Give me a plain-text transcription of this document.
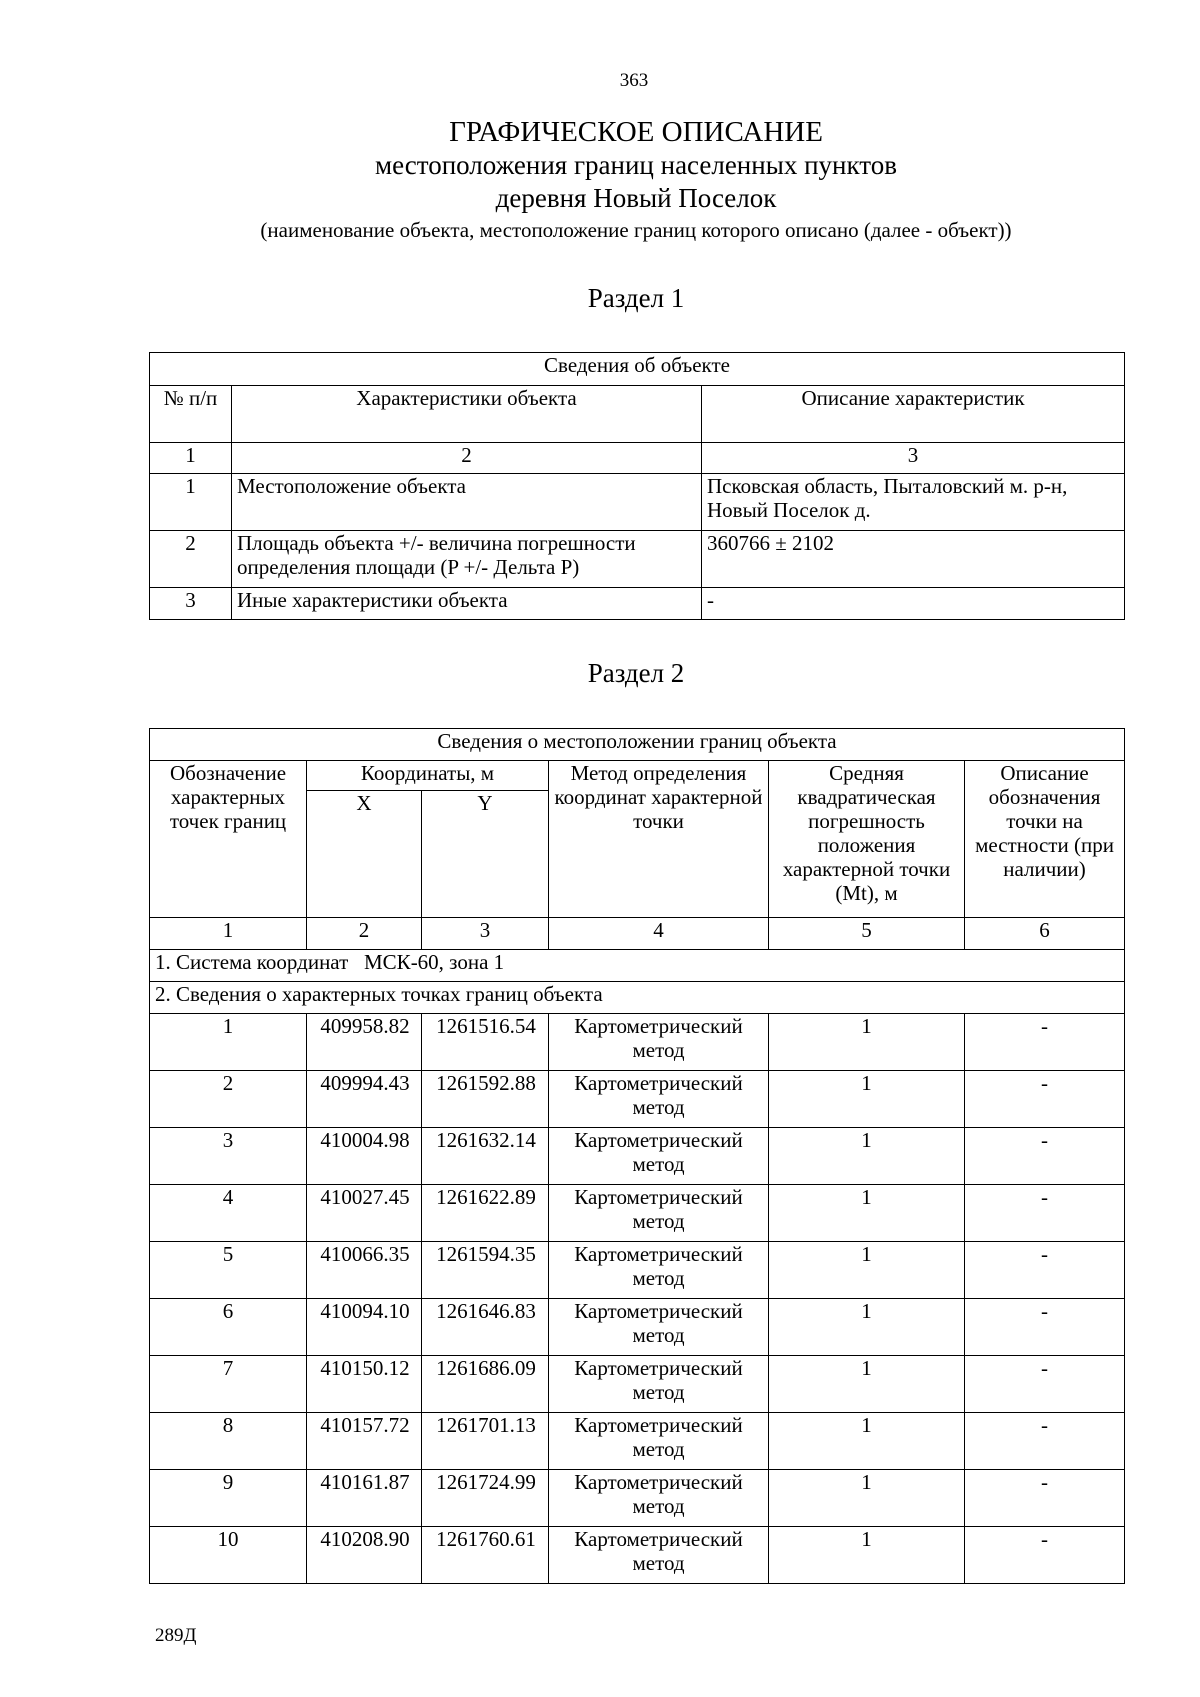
363
ГРАФИЧЕСКОЕ ОПИСАНИЕ
местоположения границ населенных пунктов
деревня Новый Поселок
(наименование объекта, местоположение границ которого описано (далее - объект))
Раздел 1
Сведения об объекте		
№ п/п	Характеристики объекта	Описание характеристик
1	2	3
1	Местоположение объекта	Псковская область, Пыталовский м. р-н, Новый Поселок д.
2	Площадь объекта +/- величина погрешности определения площади (P +/- Дельта P)	360766 ± 2102
3	Иные характеристики объекта	-
Раздел 2
Сведения о местоположении границ объекта					
Обозначение характерных точек границ	Координаты, м		Метод определения координат характерной точки	Средняя квадратическая погрешность положения характерной точки (Mt), м	Описание обозначения точки на местности (при наличии)
	X	Y			
1	2	3	4	5	6
1. Система координат   МСК-60, зона 1					
2. Сведения о характерных точках границ объекта					
1	409958.82	1261516.54	Картометрический метод	1	-
2	409994.43	1261592.88	Картометрический метод	1	-
3	410004.98	1261632.14	Картометрический метод	1	-
4	410027.45	1261622.89	Картометрический метод	1	-
5	410066.35	1261594.35	Картометрический метод	1	-
6	410094.10	1261646.83	Картометрический метод	1	-
7	410150.12	1261686.09	Картометрический метод	1	-
8	410157.72	1261701.13	Картометрический метод	1	-
9	410161.87	1261724.99	Картометрический метод	1	-
10	410208.90	1261760.61	Картометрический метод	1	-
289Д
